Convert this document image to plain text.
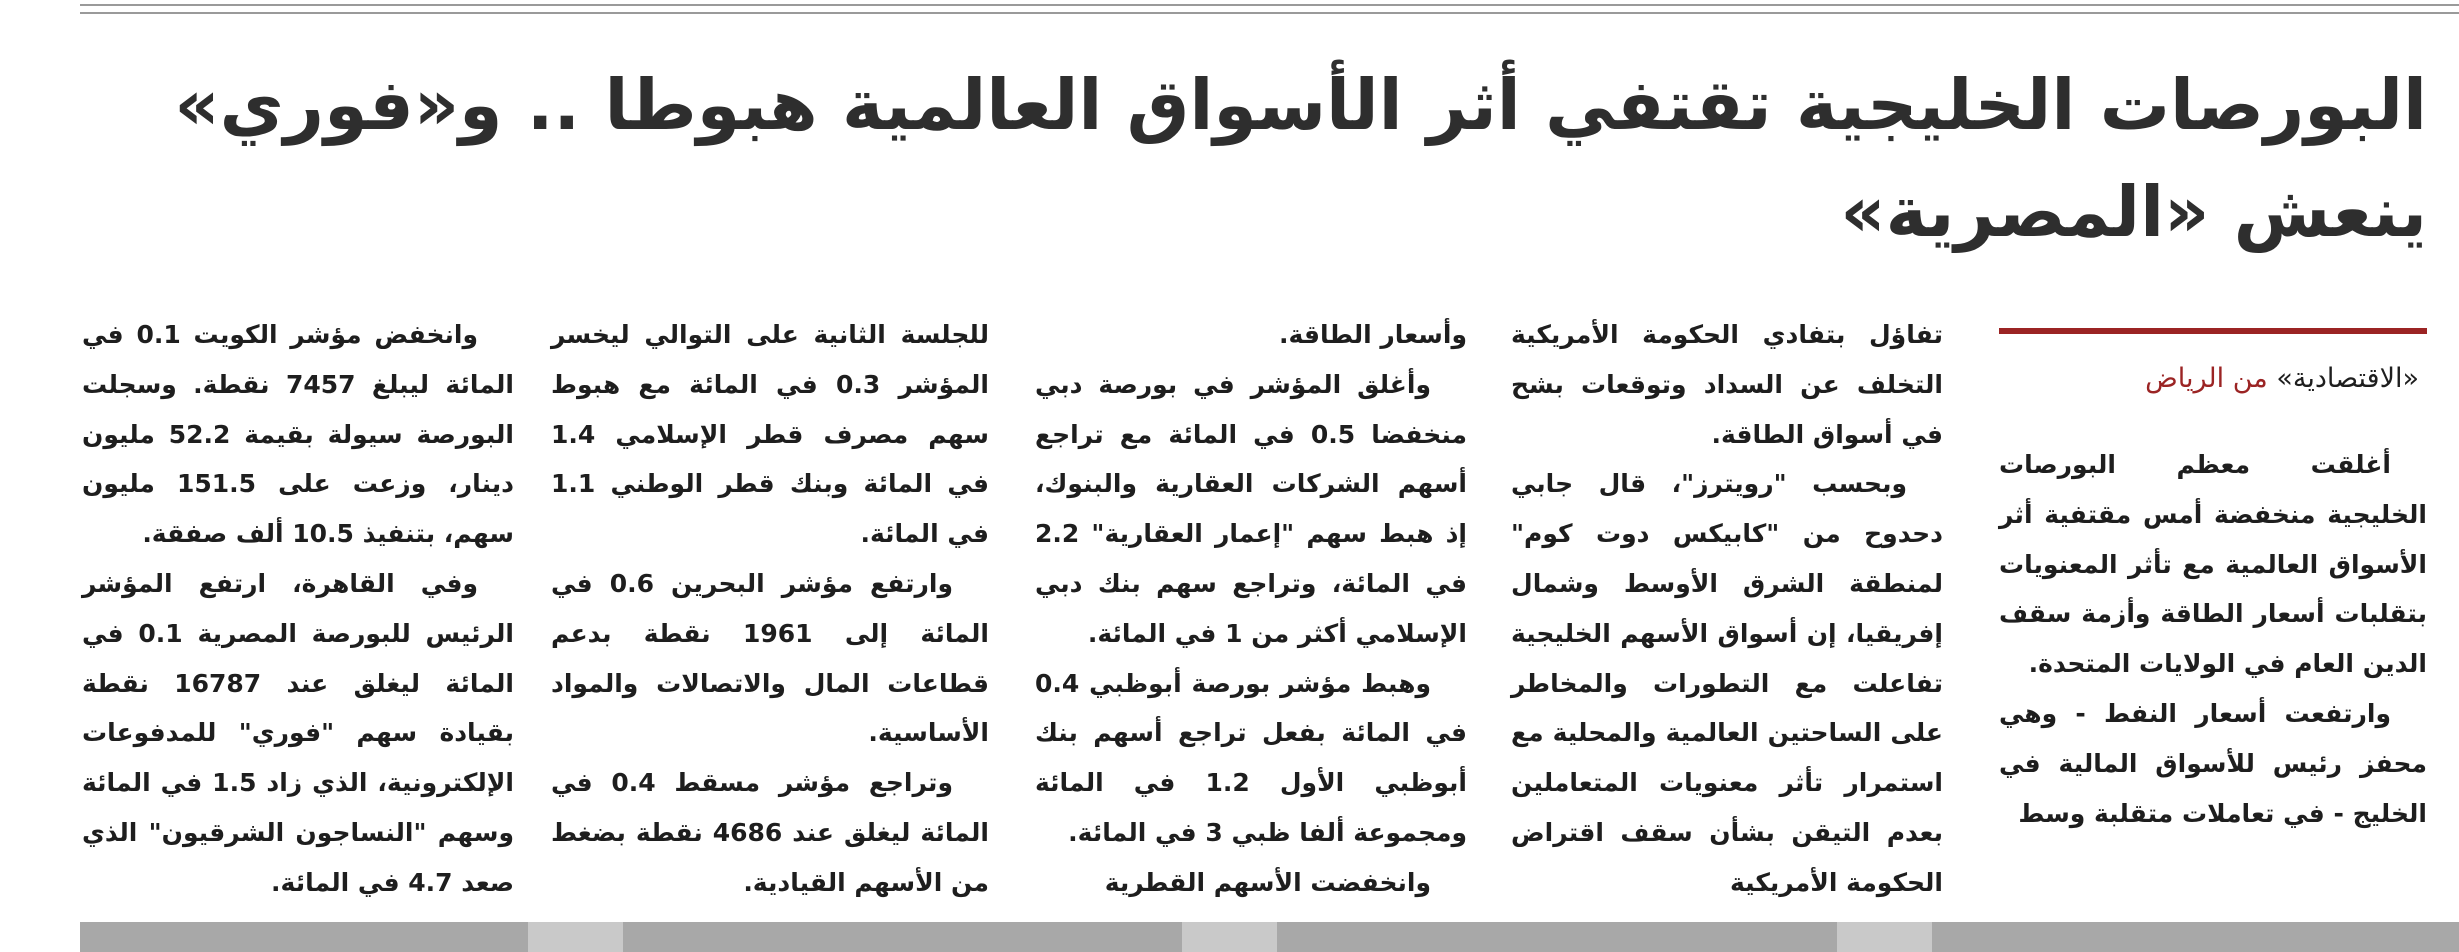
البورصات الخليجية تقتفي أثر الأسواق العالمية هبوطا .. و«فوري»
ينعش «المصرية»
«الاقتصادية» من الرياض

أغلقت معظم البورصات الخليجية منخفضة أمس مقتفية أثر الأسواق العالمية مع تأثر المعنويات بتقلبات أسعار الطاقة وأزمة سقف الدين العام في الولايات المتحدة.

وارتفعت أسعار النفط - وهي محفز رئيس للأسواق المالية في الخليج - في تعاملات متقلبة وسط

تفاؤل بتفادي الحكومة الأمريكية التخلف عن السداد وتوقعات بشح في أسواق الطاقة.

وبحسب "رويترز"، قال جابي دحدوح من "كابيكس دوت كوم" لمنطقة الشرق الأوسط وشمال إفريقيا، إن أسواق الأسهم الخليجية تفاعلت مع التطورات والمخاطر على الساحتين العالمية والمحلية مع استمرار تأثر معنويات المتعاملين بعدم التيقن بشأن سقف اقتراض الحكومة الأمريكية

وأسعار الطاقة.

وأغلق المؤشر في بورصة دبي منخفضا 0.5 في المائة مع تراجع أسهم الشركات العقارية والبنوك، إذ هبط سهم "إعمار العقارية" 2.2 في المائة، وتراجع سهم بنك دبي الإسلامي أكثر من 1 في المائة.

وهبط مؤشر بورصة أبوظبي 0.4 في المائة بفعل تراجع أسهم بنك أبوظبي الأول 1.2 في المائة ومجموعة ألفا ظبي 3 في المائة.

وانخفضت الأسهم القطرية

للجلسة الثانية على التوالي ليخسر المؤشر 0.3 في المائة مع هبوط سهم مصرف قطر الإسلامي 1.4 في المائة وبنك قطر الوطني 1.1 في المائة.

وارتفع مؤشر البحرين 0.6 في المائة إلى 1961 نقطة بدعم قطاعات المال والاتصالات والمواد الأساسية.

وتراجع مؤشر مسقط 0.4 في المائة ليغلق عند 4686 نقطة بضغط من الأسهم القيادية.

وانخفض مؤشر الكويت 0.1 في المائة ليبلغ 7457 نقطة. وسجلت البورصة سيولة بقيمة 52.2 مليون دينار، وزعت على 151.5 مليون سهم، بتنفيذ 10.5 ألف صفقة.

وفي القاهرة، ارتفع المؤشر الرئيس للبورصة المصرية 0.1 في المائة ليغلق عند 16787 نقطة بقيادة سهم "فوري" للمدفوعات الإلكترونية، الذي زاد 1.5 في المائة وسهم "النساجون الشرقيون" الذي صعد 4.7 في المائة.
